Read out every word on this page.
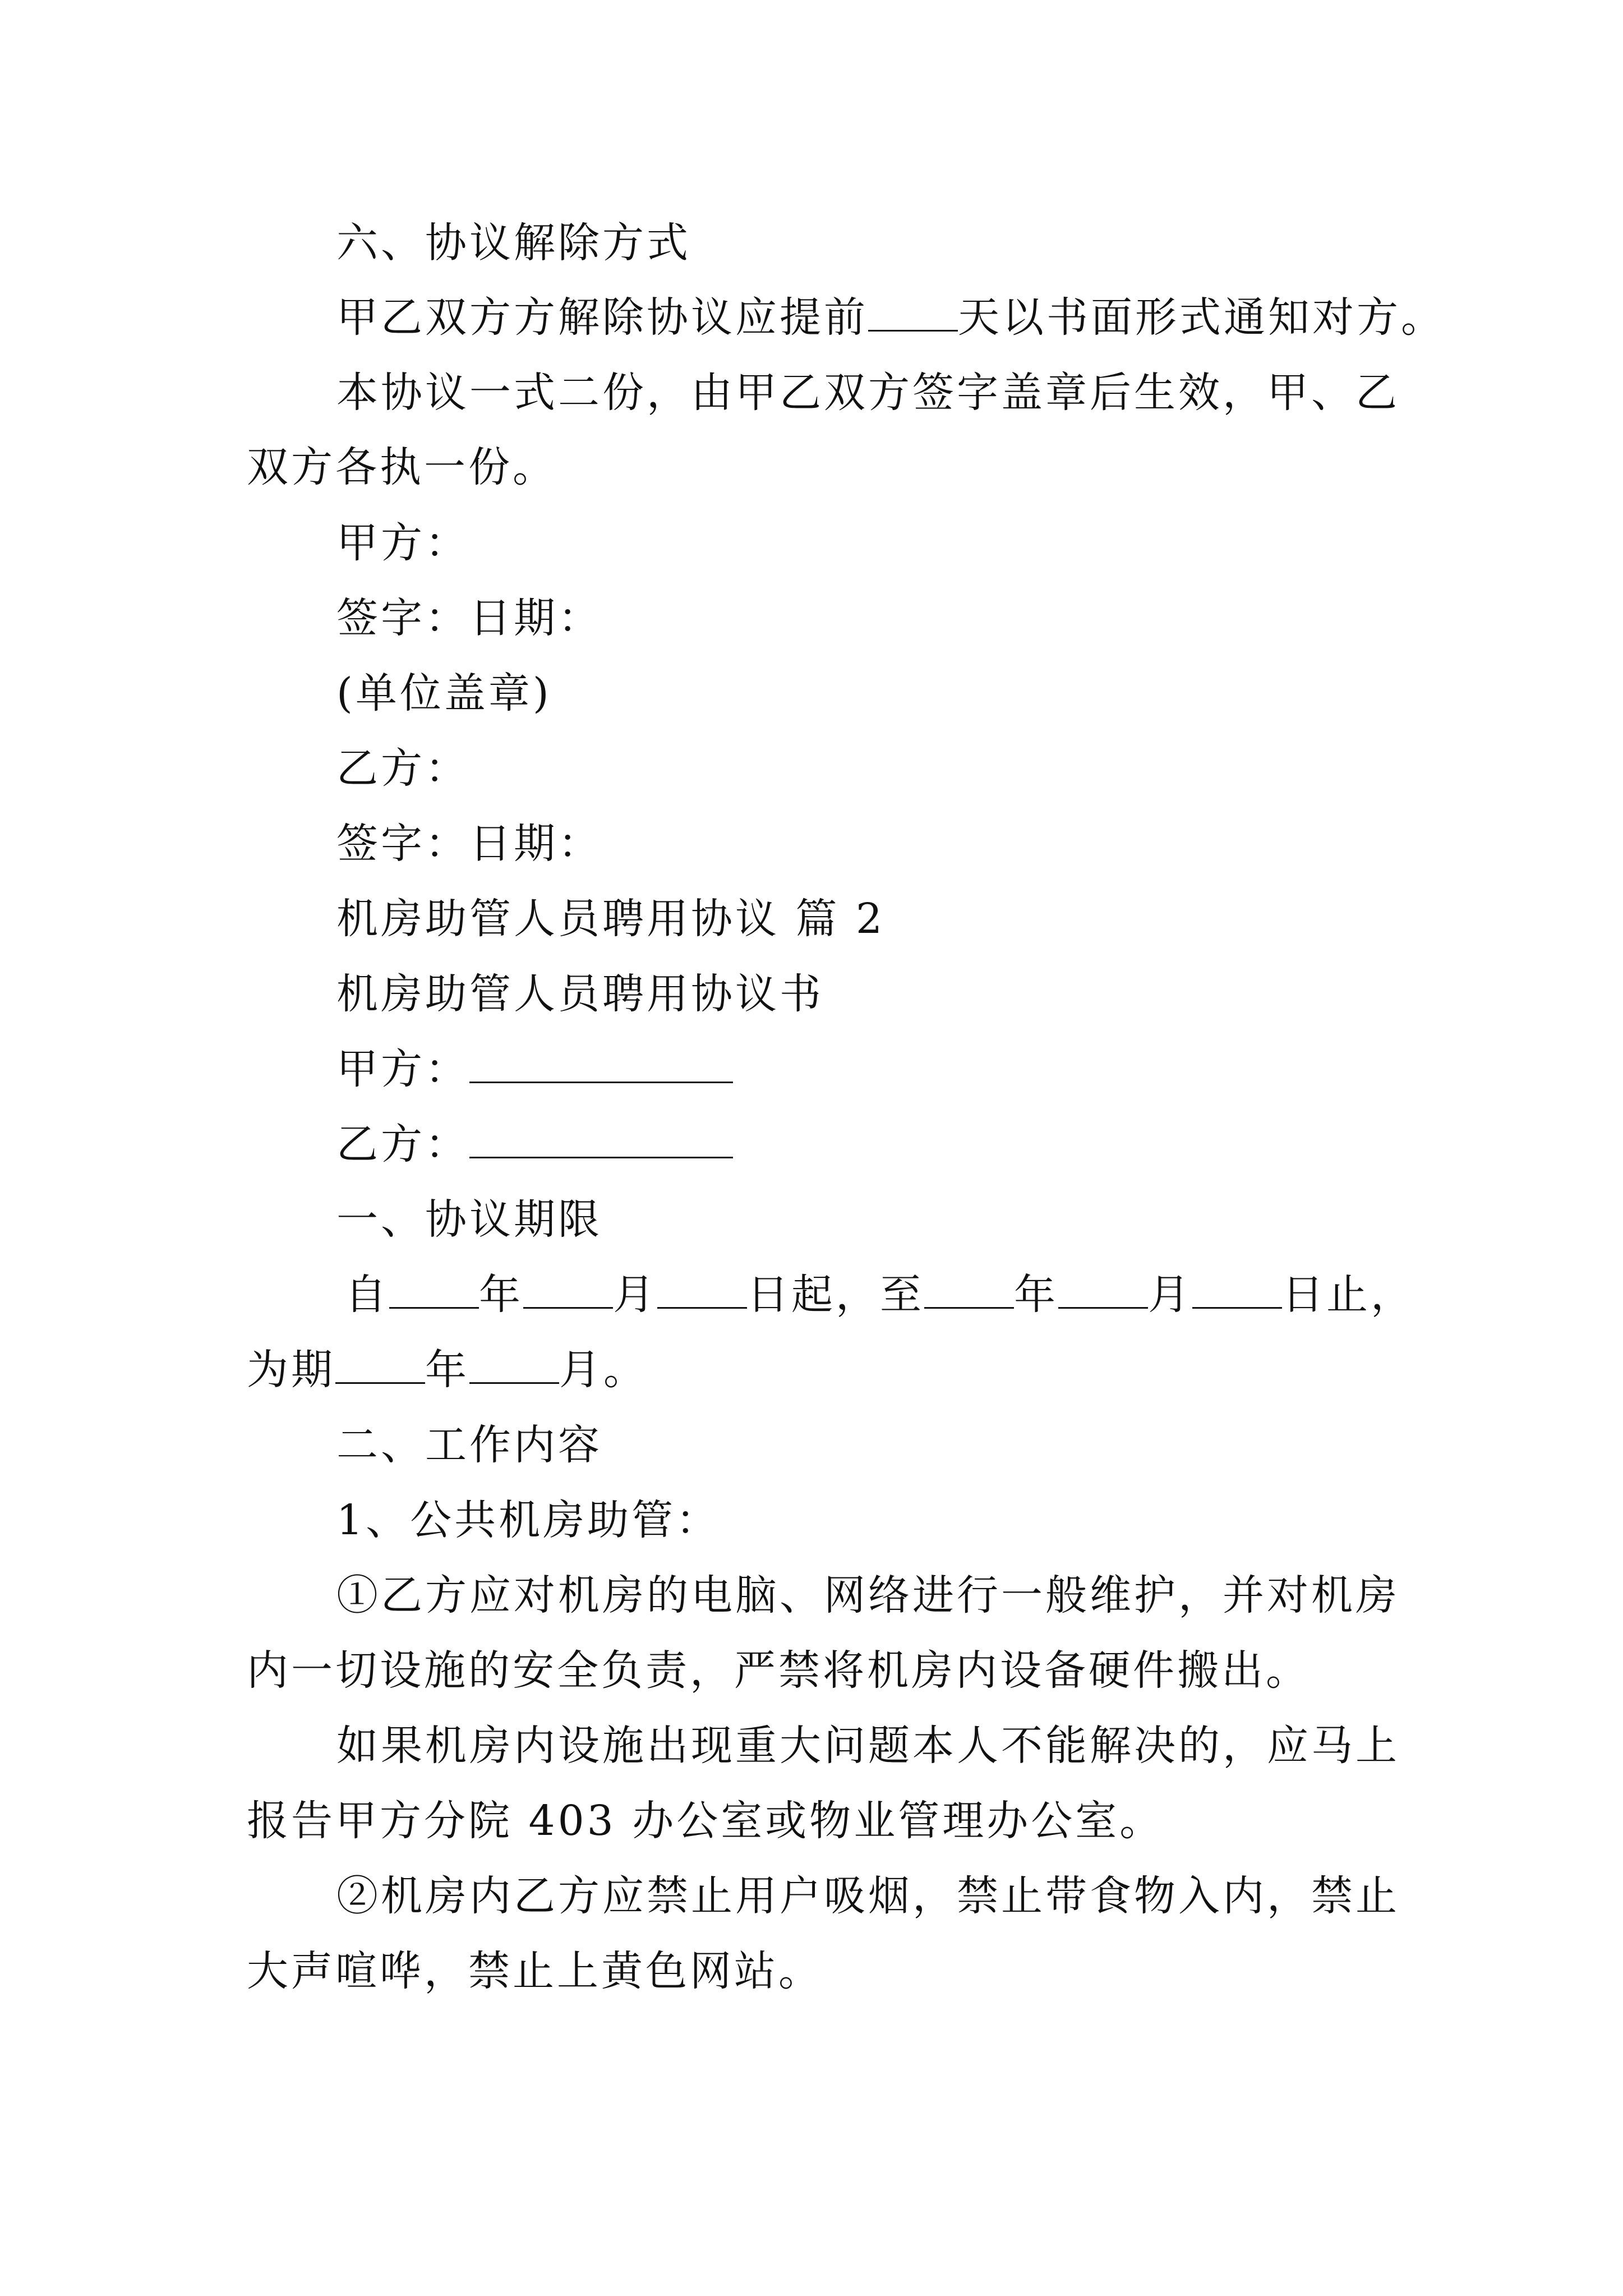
六、协议解除方式
甲乙双方方解除协议应提前 天以书面形式通知对方。
本协议一式二份，由甲乙双方签字盖章后生效，甲、乙
双方各执一份。
甲方：
签字：日期：
(单位盖章)
乙方：
签字：日期：
机房助管人员聘用协议 篇 2
机房助管人员聘用协议书
甲方：
乙方：
一、协议期限
自 年 月 日起，至 年 月 日止，
为期 年 月。
二、工作内容
1、公共机房助管：
①乙方应对机房的电脑、网络进行一般维护，并对机房
内一切设施的安全负责，严禁将机房内设备硬件搬出。
如果机房内设施出现重大问题本人不能解决的，应马上
报告甲方分院 403 办公室或物业管理办公室。
②机房内乙方应禁止用户吸烟，禁止带食物入内，禁止
大声喧哗，禁止上黄色网站。
